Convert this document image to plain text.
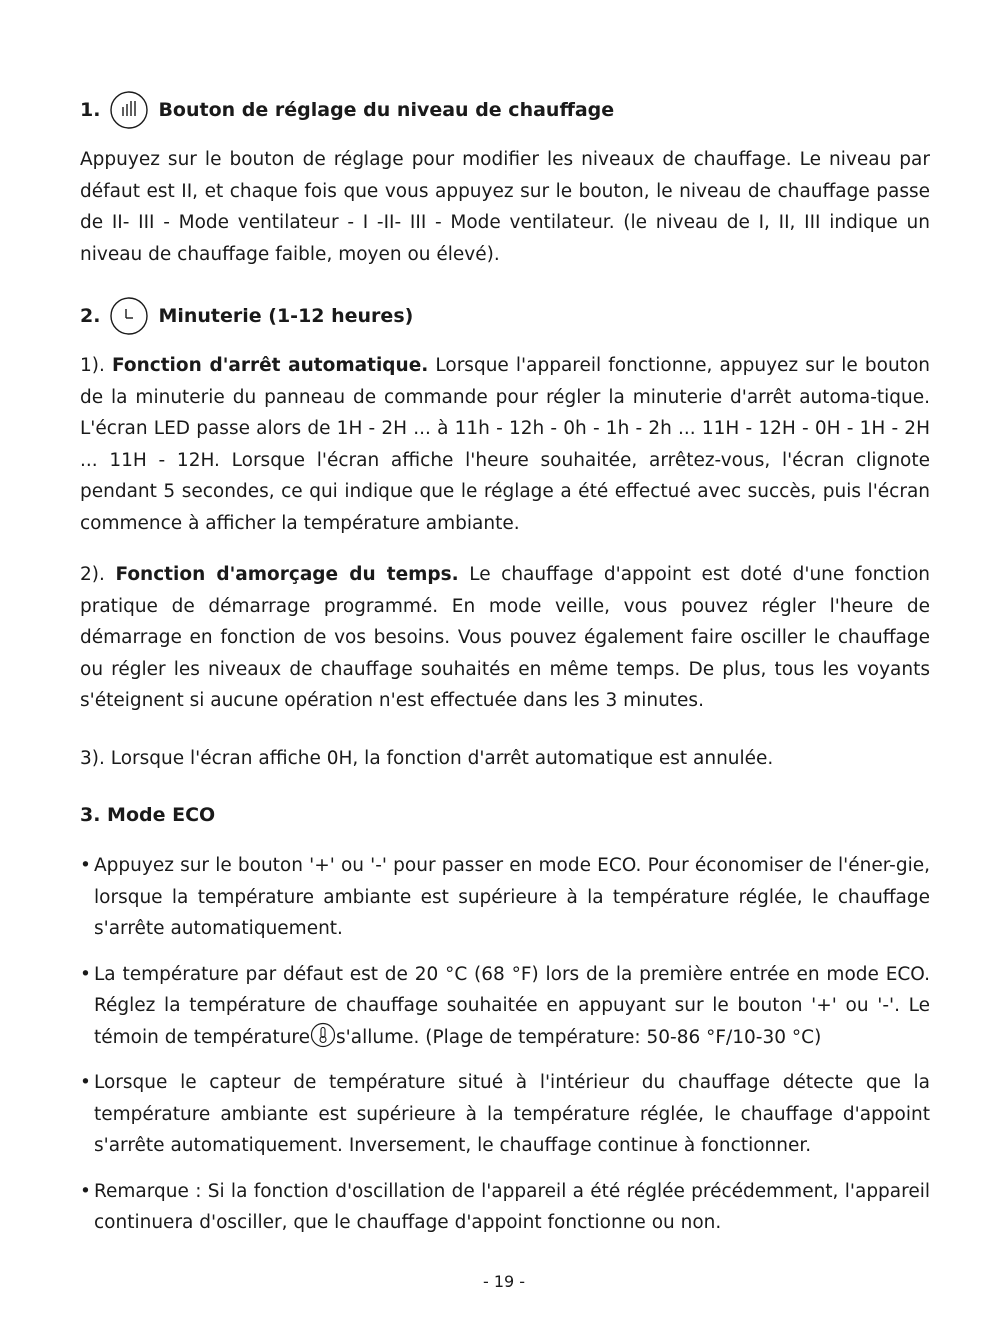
1.	Bouton de réglage du niveau de chauffage

Appuyez sur le bouton de réglage pour modifier les niveaux de chauffage. Le niveau par défaut est II, et chaque fois que vous appuyez sur le bouton, le niveau de chauffage passe de II- III - Mode ventilateur - I -II- III - Mode ventilateur. (le niveau de I, II, III indique un niveau de chauffage faible, moyen ou élevé).

2.	Minuterie (1-12 heures)

1). Fonction d'arrêt automatique. Lorsque l'appareil fonctionne, appuyez sur le bouton de la minuterie du panneau de commande pour régler la minuterie d'arrêt automa-tique. L'écran LED passe alors de 1H - 2H ... à 11h - 12h - 0h - 1h - 2h ... 11H - 12H - 0H - 1H - 2H ... 11H - 12H. Lorsque l'écran affiche l'heure souhaitée, arrêtez-vous, l'écran clignote pendant 5 secondes, ce qui indique que le réglage a été effectué avec succès, puis l'écran commence à afficher la température ambiante.

2). Fonction d'amorçage du temps. Le chauffage d'appoint est doté d'une fonction pratique de démarrage programmé. En mode veille, vous pouvez régler l'heure de démarrage en fonction de vos besoins. Vous pouvez également faire osciller le chauffage ou régler les niveaux de chauffage souhaités en même temps. De plus, tous les voyants s'éteignent si aucune opération n'est effectuée dans les 3 minutes.

3). Lorsque l'écran affiche 0H, la fonction d'arrêt automatique est annulée.

3. Mode ECO
• Appuyez sur le bouton '+' ou '-' pour passer en mode ECO. Pour économiser de l'éner-gie, lorsque la température ambiante est supérieure à la température réglée, le chauffage s'arrête automatiquement.
• La température par défaut est de 20 °C (68 °F) lors de la première entrée en mode ECO. Réglez la température de chauffage souhaitée en appuyant sur le bouton '+' ou '-'. Le témoin de température s'allume. (Plage de température: 50-86 °F/10-30 °C)
• Lorsque le capteur de température situé à l'intérieur du chauffage détecte que la température ambiante est supérieure à la température réglée, le chauffage d'appoint s'arrête automatiquement. Inversement, le chauffage continue à fonctionner.
• Remarque : Si la fonction d'oscillation de l'appareil a été réglée précédemment, l'appareil continuera d'osciller, que le chauffage d'appoint fonctionne ou non.
- 19 -
